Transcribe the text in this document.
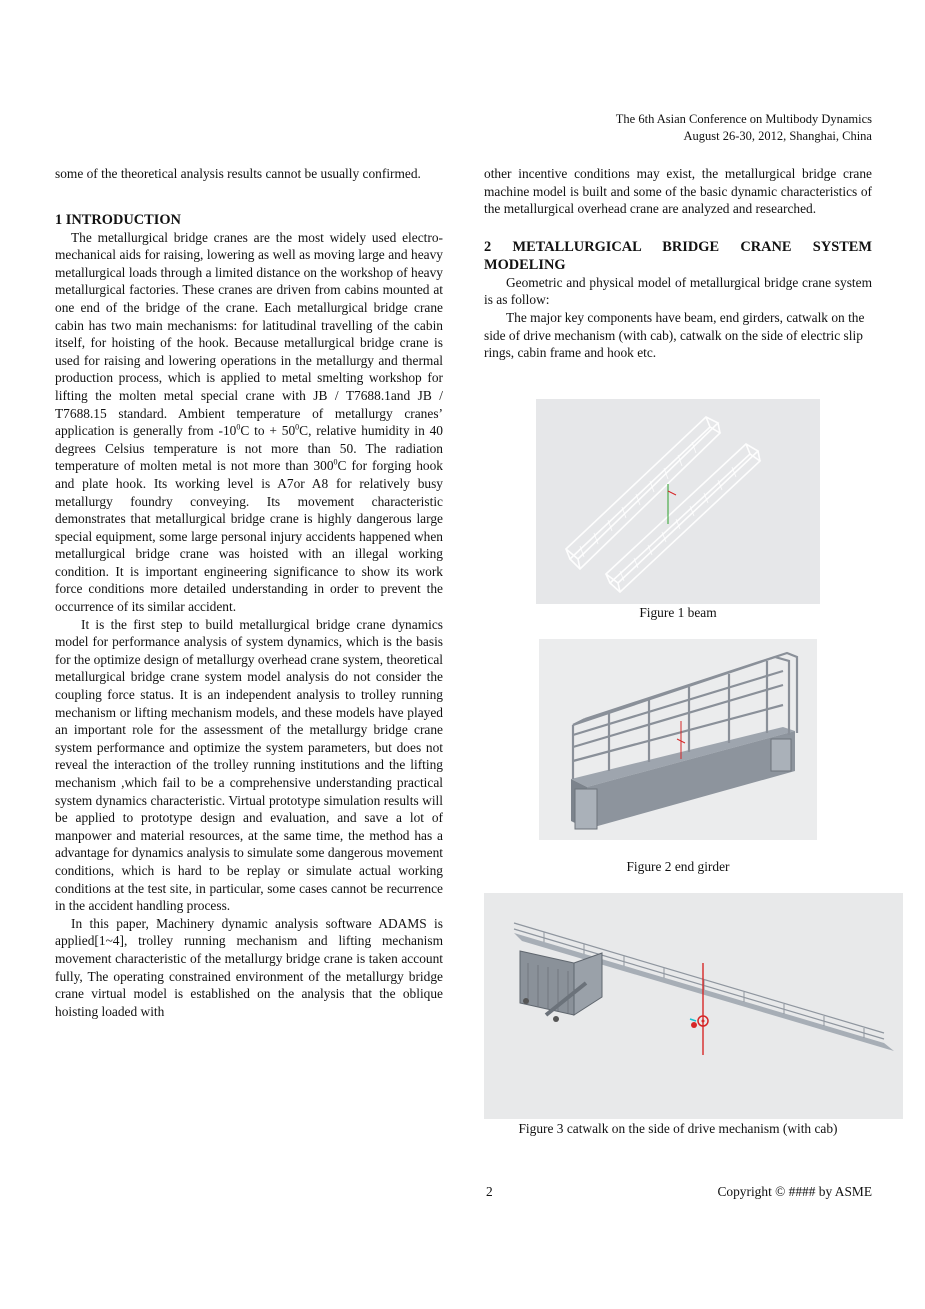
The 6th Asian Conference on Multibody Dynamics
August 26-30, 2012, Shanghai, China

some of the theoretical analysis results cannot be usually confirmed.

1 INTRODUCTION

The metallurgical bridge cranes are the most widely used electro-mechanical aids for raising, lowering as well as moving large and heavy metallurgical loads through a limited distance on the workshop of heavy metallurgical factories. These cranes are driven from cabins mounted at one end of the bridge of the crane. Each metallurgical bridge crane cabin has two main mechanisms: for latitudinal travelling of the cabin itself, for hoisting of the hook. Because metallurgical bridge crane is used for raising and lowering operations in the metallurgy and thermal production process, which is applied to metal smelting workshop for lifting the molten metal special crane with JB / T7688.1and JB / T7688.15 standard. Ambient temperature of metallurgy cranes’ application is generally from $-10^0C$ to + $50^0C$, relative humidity in 40 degrees Celsius temperature is not more than 50. The radiation temperature of molten metal is not more than $300^0C$ for forging hook and plate hook. Its working level is A7or A8 for relatively busy metallurgy foundry conveying. Its movement characteristic demonstrates that metallurgical bridge crane is highly dangerous large special equipment, some large personal injury accidents happened when metallurgical bridge crane was hoisted with an illegal working condition. It is important engineering significance to show its work force conditions more detailed understanding in order to prevent the occurrence of its similar accident.

It is the first step to build metallurgical bridge crane dynamics model for performance analysis of system dynamics, which is the basis for the optimize design of metallurgy overhead crane system, theoretical metallurgical bridge crane system model analysis do not consider the coupling force status. It is an independent analysis to trolley running mechanism or lifting mechanism models, and these models have played an important role for the assessment of the metallurgy bridge crane system performance and optimize the system parameters, but does not reveal the interaction of the trolley running institutions and the lifting mechanism ,which fail to be a comprehensive understanding practical system dynamics characteristic. Virtual prototype simulation results will be applied to prototype design and evaluation, and save a lot of manpower and material resources, at the same time, the method has a advantage for dynamics analysis to simulate some dangerous movement conditions, which is hard to be replay or simulate actual working conditions at the test site, in particular, some cases cannot be recurrence in the accident handling process.

In this paper, Machinery dynamic analysis software ADAMS is applied[1~4], trolley running mechanism and lifting mechanism movement characteristic of the metallurgy bridge crane is taken account fully, The operating constrained environment of the metallurgy bridge crane virtual model is established on the analysis that the oblique hoisting loaded with

other incentive conditions may exist, the metallurgical bridge crane machine model is built and some of the basic dynamic characteristics of the metallurgical overhead crane are analyzed and researched.

2 METALLURGICAL BRIDGE CRANE SYSTEM
MODELING

Geometric and physical model of metallurgical bridge crane system is as follow:

The major key components have beam, end girders, catwalk on the side of drive mechanism (with cab), catwalk on the side of electric slip rings, cabin frame and hook etc.

Figure 1 beam
Figure 2 end girder
Figure 3 catwalk on the side of drive mechanism (with cab)
2	Copyright © #### by ASME
